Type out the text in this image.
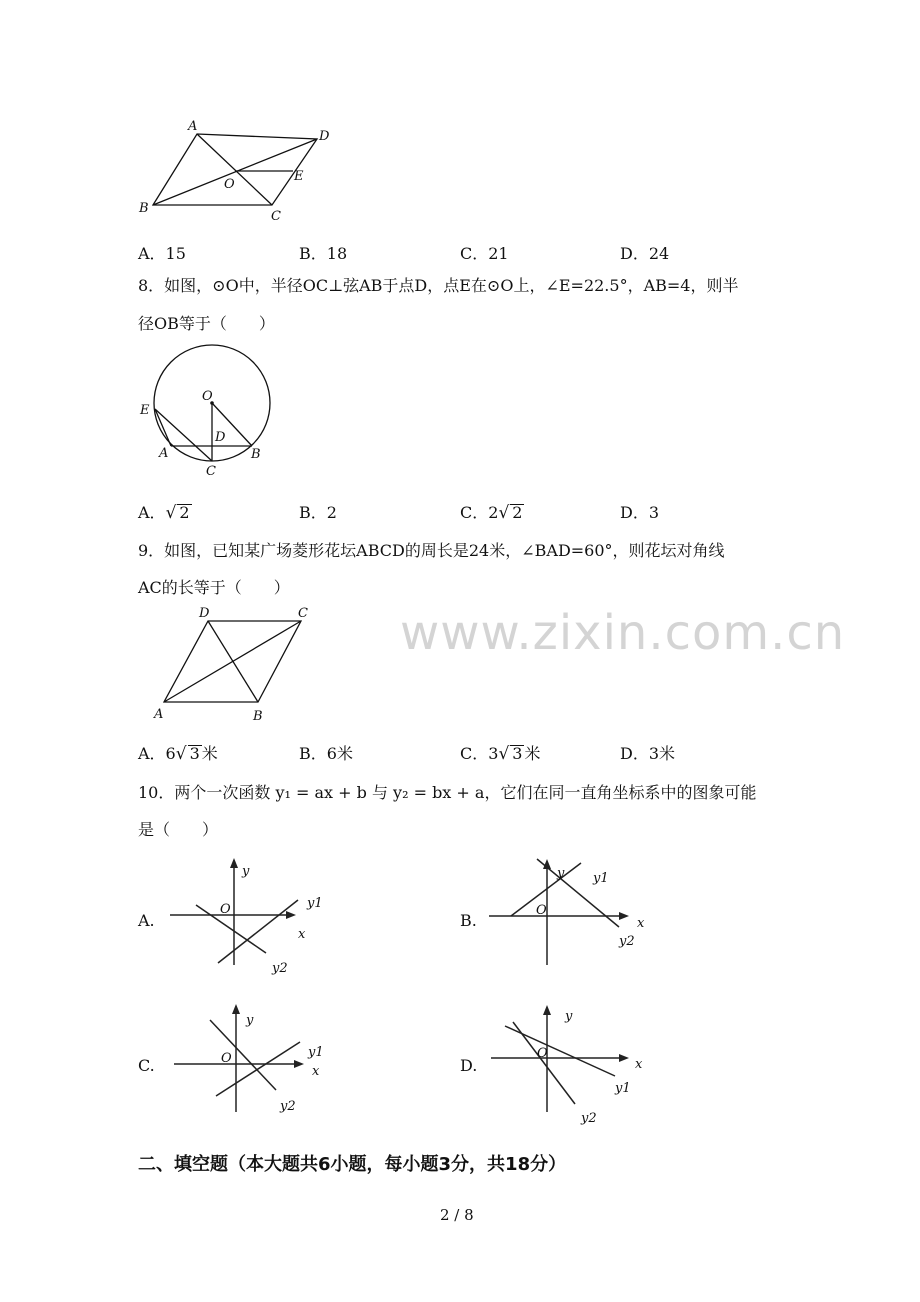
www.zixin.com.cn
A
D
B
C
O
E
A．15	B．18	C．21	D．24
8．如图，⊙O中，半径OC⊥弦AB于点D，点E在⊙O上，∠E=22.5°，AB=4，则半
径OB等于（　　）
O
E
D
A	B
C
A．√ 2	B．2	C．2√ 2	D．3
9．如图，已知某广场菱形花坛ABCD的周长是24米，∠BAD=60°，则花坛对角线
AC的长等于（　　）
D	C
A	B
A．6√ 3 米	B．6米	C．3√ 3 米	D．3米
10．两个一次函数 y₁ = ax + b 与 y₂ = bx + a，它们在同一直角坐标系中的图象可能
是（　　）
A.
y
x
O	y1
y2
B.
y
x
O
y1
y2
C.
y
x
O	y1
y2
D.
y
x
O
y1
y2
二、填空题（本大题共6小题，每小题3分，共18分）
2 / 8
